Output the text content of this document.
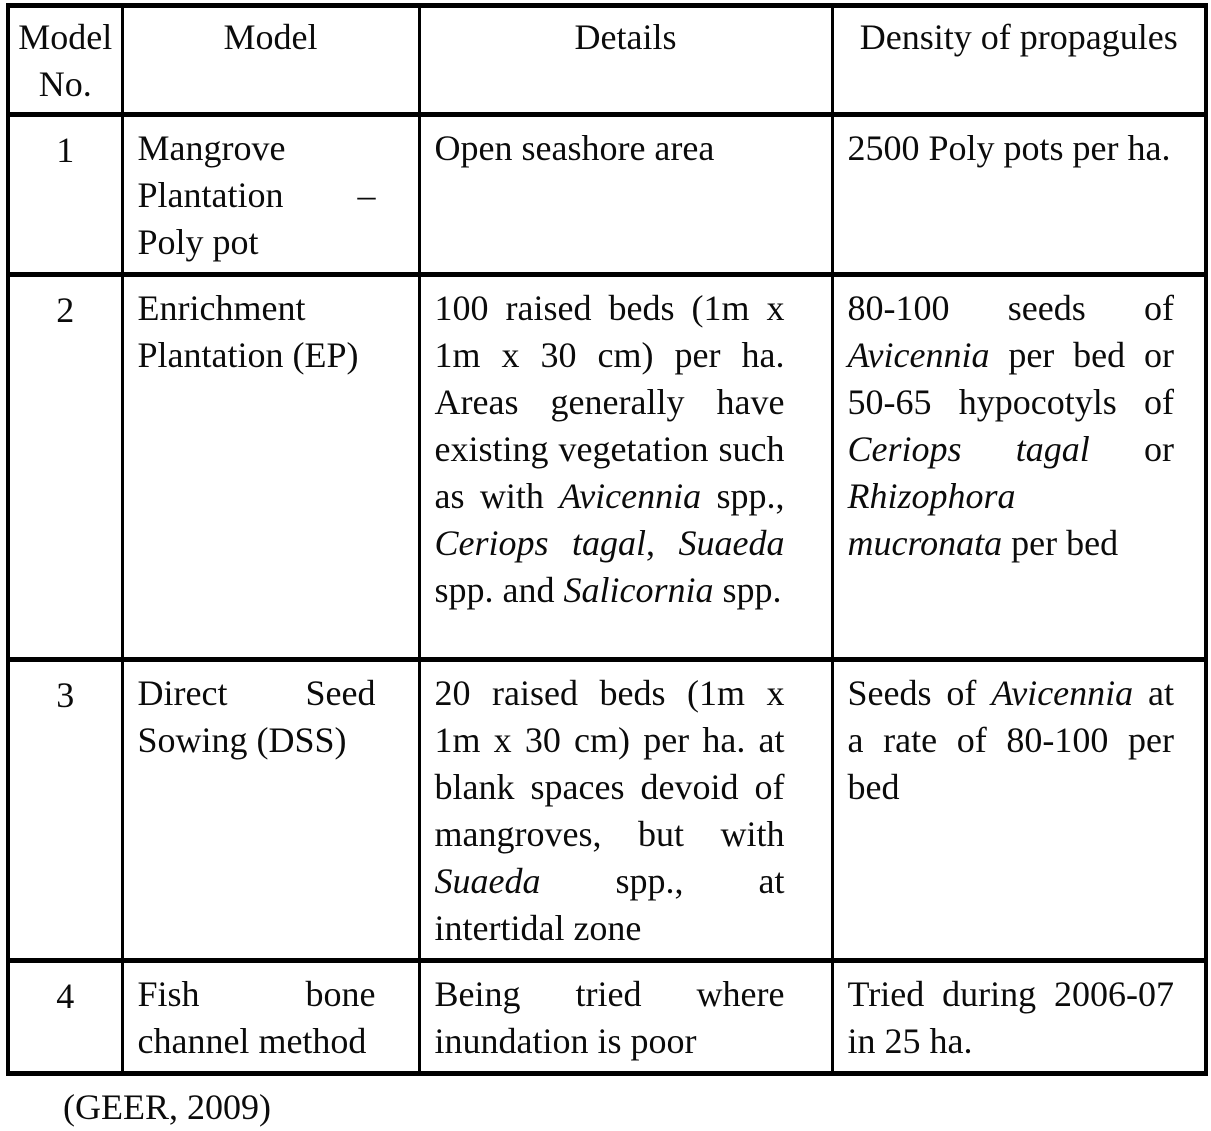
Model No.	Model	Details	Density of propagules
1	Mangrove Plantation – Poly pot	Open seashore area	2500 Poly pots per ha.
2	Enrichment Plantation (EP)	100 raised beds (1m x 1m x 30 cm) per ha. Areas generally have existing vegetation such as with Avicennia spp., Ceriops tagal, Suaeda spp. and Salicornia spp.	80-100 seeds of Avicennia per bed or 50-65 hypocotyls of Ceriops tagal or Rhizophora mucronata per bed
3	Direct Seed Sowing (DSS)	20 raised beds (1m x 1m x 30 cm) per ha. at blank spaces devoid of mangroves, but with Suaeda spp., at intertidal zone	Seeds of Avicennia at a rate of 80-100 per bed
4	Fish bone channel method	Being tried where inundation is poor	Tried during 2006-07 in 25 ha.
(GEER, 2009)
